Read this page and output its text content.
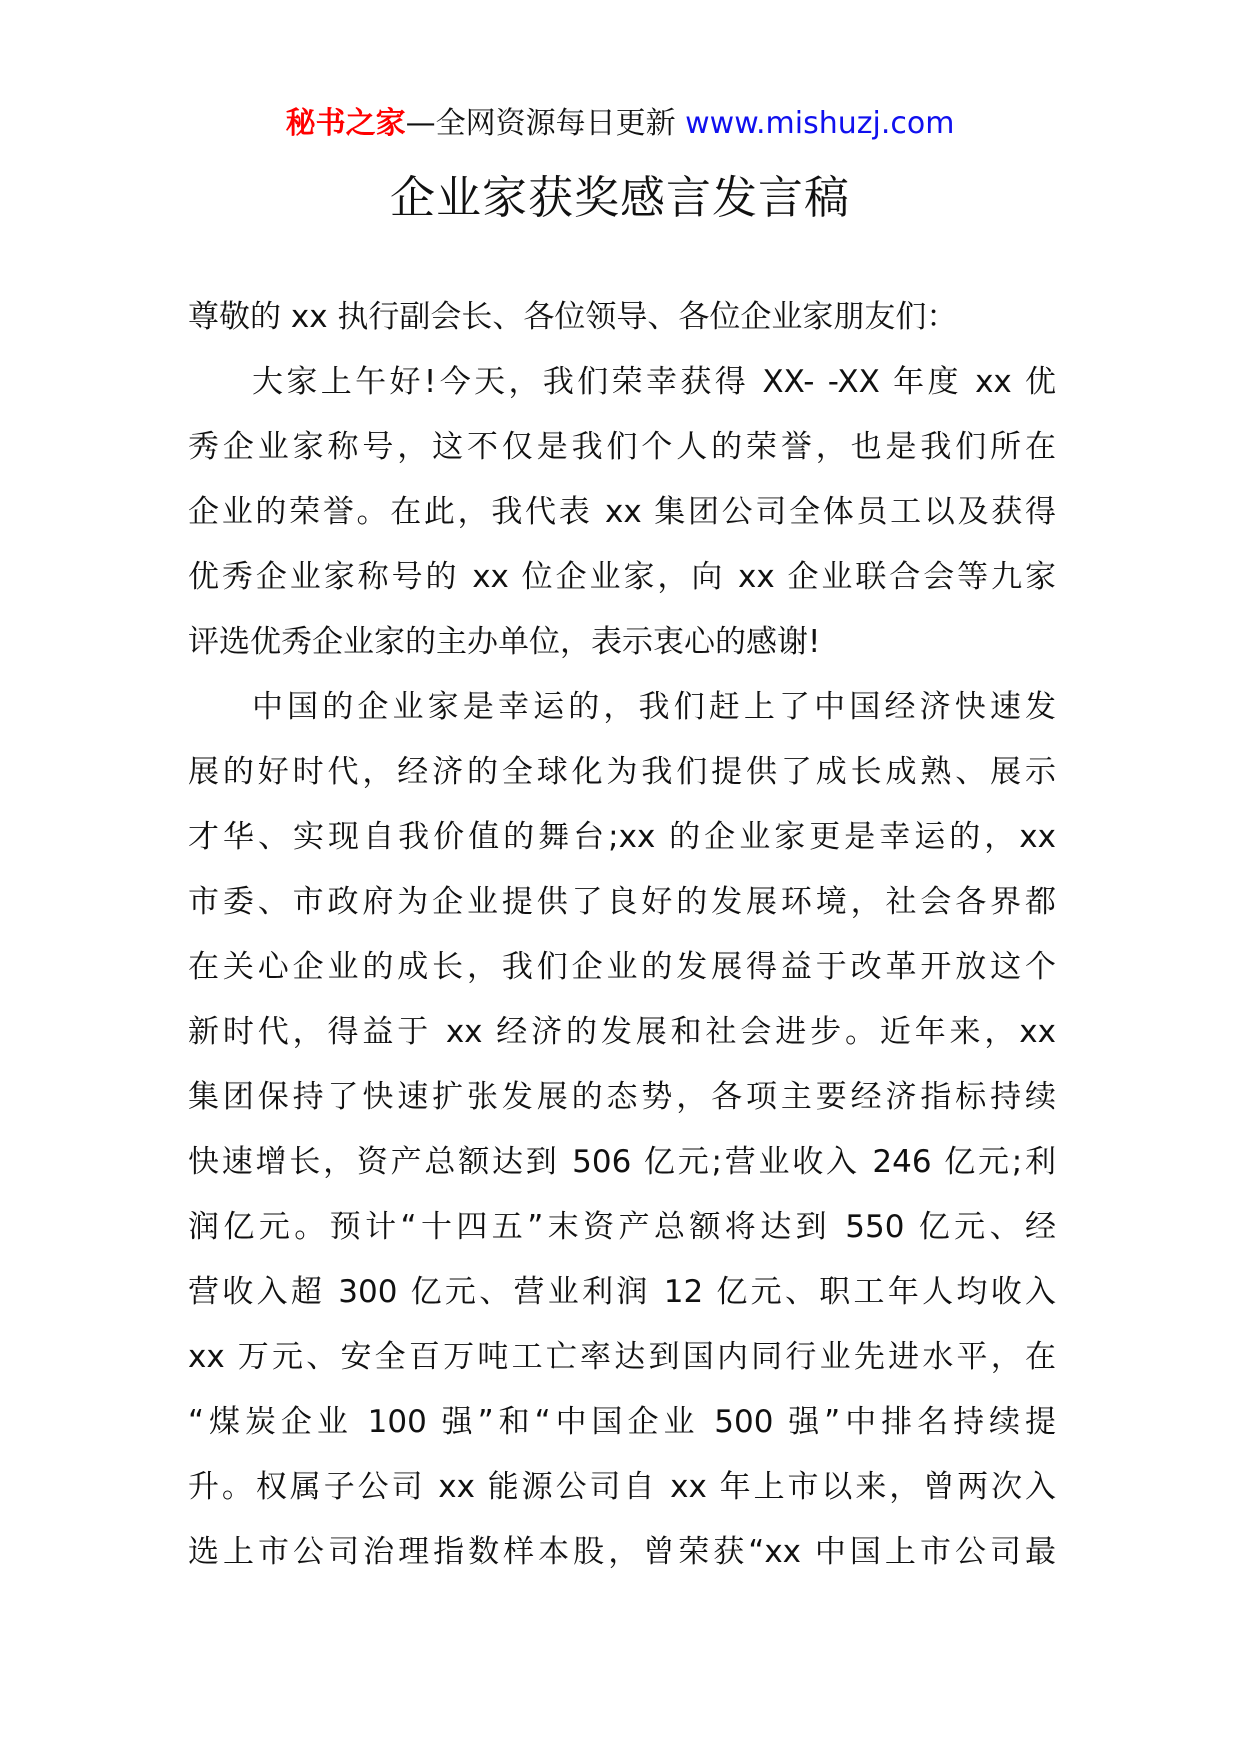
秘书之家—全网资源每日更新 www.mishuzj.com
企业家获奖感言发言稿
尊敬的 xx 执行副会长、各位领导、各位企业家朋友们：
大家上午好!今天，我们荣幸获得 XX- -XX 年度 xx 优
秀企业家称号，这不仅是我们个人的荣誉，也是我们所在
企业的荣誉。在此，我代表 xx 集团公司全体员工以及获得
优秀企业家称号的 xx 位企业家，向 xx 企业联合会等九家
评选优秀企业家的主办单位，表示衷心的感谢!
中国的企业家是幸运的，我们赶上了中国经济快速发
展的好时代，经济的全球化为我们提供了成长成熟、展示
才华、实现自我价值的舞台;xx 的企业家更是幸运的，xx
市委、市政府为企业提供了良好的发展环境，社会各界都
在关心企业的成长，我们企业的发展得益于改革开放这个
新时代，得益于 xx 经济的发展和社会进步。近年来，xx
集团保持了快速扩张发展的态势，各项主要经济指标持续
快速增长，资产总额达到 506 亿元;营业收入 246 亿元;利
润亿元。预计“十四五”末资产总额将达到 550 亿元、经
营收入超 300 亿元、营业利润 12 亿元、职工年人均收入
xx 万元、安全百万吨工亡率达到国内同行业先进水平，在
“煤炭企业 100 强”和“中国企业 500 强”中排名持续提
升。权属子公司 xx 能源公司自 xx 年上市以来，曾两次入
选上市公司治理指数样本股，曾荣获“xx 中国上市公司最
